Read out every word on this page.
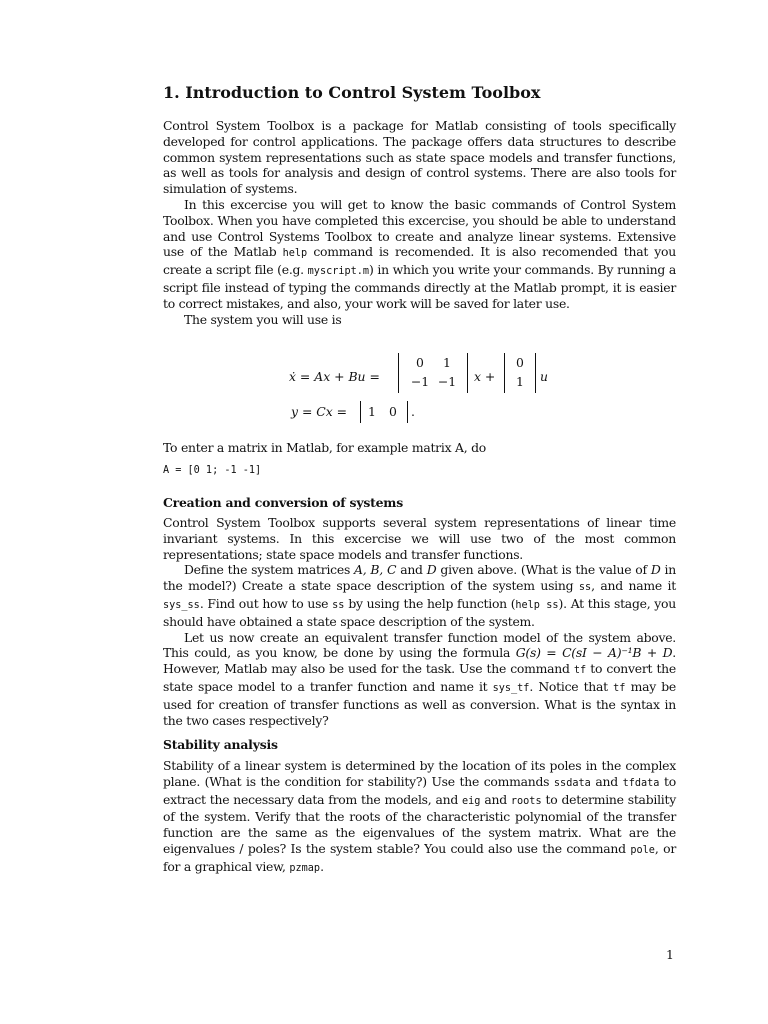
1. Introduction to Control System Toolbox

Control System Toolbox is a package for Matlab consisting of tools specifically developed for control applications. The package offers data structures to describe common system representations such as state space models and transfer functions, as well as tools for analysis and design of control systems. There are also tools for simulation of systems.

In this excercise you will get to know the basic commands of Control System Toolbox. When you have completed this excercise, you should be able to understand and use Control Systems Toolbox to create and analyze linear systems. Extensive use of the Matlab help command is recomended. It is also recomended that you create a script file (e.g. myscript.m) in which you write your commands. By running a script file instead of typing the commands directly at the Matlab prompt, it is easier to correct mistakes, and also, your work will be saved for later use.

The system you will use is

ẋ = Ax + Bu =
0	1
−1 −1 x +
0
1	u
y = Cx =	1	0	.

To enter a matrix in Matlab, for example matrix A, do

A = [0 1; -1 -1]
Creation and conversion of systems

Control System Toolbox supports several system representations of linear time invariant systems. In this excercise we will use two of the most common representations; state space models and transfer functions.

Define the system matrices A, B, C and D given above. (What is the value of D in the model?) Create a state space description of the system using ss, and name it sys_ss. Find out how to use ss by using the help function (help ss). At this stage, you should have obtained a state space description of the system.

Let us now create an equivalent transfer function model of the system above. This could, as you know, be done by using the formula G(s) = C(sI − A)⁻¹B + D. However, Matlab may also be used for the task. Use the command tf to convert the state space model to a tranfer function and name it sys_tf. Notice that tf may be used for creation of transfer functions as well as conversion. What is the syntax in the two cases respectively?

Stability analysis

Stability of a linear system is determined by the location of its poles in the complex plane. (What is the condition for stability?) Use the commands ssdata and tfdata to extract the necessary data from the models, and eig and roots to determine stability of the system. Verify that the roots of the characteristic polynomial of the transfer function are the same as the eigenvalues of the system matrix. What are the eigenvalues / poles? Is the system stable? You could also use the command pole, or for a graphical view, pzmap.

1
